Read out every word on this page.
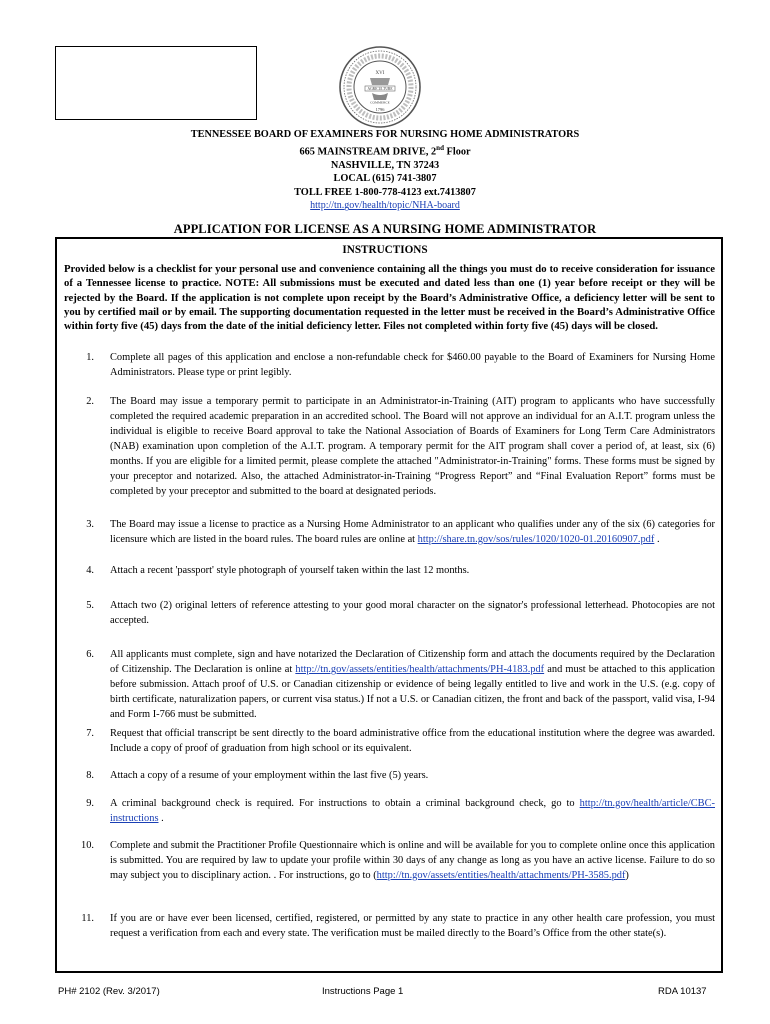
XVI
AGRICULTURE
COMMERCE
1796
TENNESSEE BOARD OF EXAMINERS FOR NURSING HOME ADMINISTRATORS
665 MAINSTREAM DRIVE, 2nd Floor
NASHVILLE, TN 37243
LOCAL (615) 741-3807
TOLL FREE 1-800-778-4123 ext.7413807
http://tn.gov/health/topic/NHA-board
APPLICATION FOR LICENSE AS A NURSING HOME ADMINISTRATOR
INSTRUCTIONS
Provided below is a checklist for your personal use and convenience containing all the things you must do to receive consideration for issuance of a Tennessee license to practice. NOTE: All submissions must be executed and dated less than one (1) year before receipt or they will be rejected by the Board. If the application is not complete upon receipt by the Board’s Administrative Office, a deficiency letter will be sent to you by certified mail or by email. The supporting documentation requested in the letter must be received in the Board’s Administrative Office within forty five (45) days from the date of the initial deficiency letter. Files not completed within forty five (45) days will be closed.
1. Complete all pages of this application and enclose a non-refundable check for $460.00 payable to the Board of Examiners for Nursing Home Administrators. Please type or print legibly.
2. The Board may issue a temporary permit to participate in an Administrator-in-Training (AIT) program to applicants who have successfully completed the required academic preparation in an accredited school. The Board will not approve an individual for an A.I.T. program unless the individual is eligible to receive Board approval to take the National Association of Boards of Examiners for Long Term Care Administrators (NAB) examination upon completion of the A.I.T. program. A temporary permit for the AIT program shall cover a period of, at least, six (6) months. If you are eligible for a limited permit, please complete the attached "Administrator-in-Training" forms. These forms must be signed by your preceptor and notarized. Also, the attached Administrator-in-Training “Progress Report” and “Final Evaluation Report” forms must be completed by your preceptor and submitted to the board at designated periods.
3. The Board may issue a license to practice as a Nursing Home Administrator to an applicant who qualifies under any of the six (6) categories for licensure which are listed in the board rules. The board rules are online at http://share.tn.gov/sos/rules/1020/1020-01.20160907.pdf .
4. Attach a recent 'passport' style photograph of yourself taken within the last 12 months.
5. Attach two (2) original letters of reference attesting to your good moral character on the signator's professional letterhead. Photocopies are not accepted.
6. All applicants must complete, sign and have notarized the Declaration of Citizenship form and attach the documents required by the Declaration of Citizenship. The Declaration is online at http://tn.gov/assets/entities/health/attachments/PH-4183.pdf and must be attached to this application before submission. Attach proof of U.S. or Canadian citizenship or evidence of being legally entitled to live and work in the U.S. (e.g. copy of birth certificate, naturalization papers, or current visa status.) If not a U.S. or Canadian citizen, the front and back of the passport, valid visa, I-94 and Form I-766 must be submitted.
7. Request that official transcript be sent directly to the board administrative office from the educational institution where the degree was awarded. Include a copy of proof of graduation from high school or its equivalent.
8. Attach a copy of a resume of your employment within the last five (5) years.
9. A criminal background check is required. For instructions to obtain a criminal background check, go to http://tn.gov/health/article/CBC-instructions .
10. Complete and submit the Practitioner Profile Questionnaire which is online and will be available for you to complete online once this application is submitted. You are required by law to update your profile within 30 days of any change as long as you have an active license. Failure to do so may subject you to disciplinary action. . For instructions, go to (http://tn.gov/assets/entities/health/attachments/PH-3585.pdf)
11. If you are or have ever been licensed, certified, registered, or permitted by any state to practice in any other health care profession, you must request a verification from each and every state. The verification must be mailed directly to the Board’s Office from the other state(s).
PH# 2102 (Rev. 3/2017)	Instructions Page 1	RDA 10137
